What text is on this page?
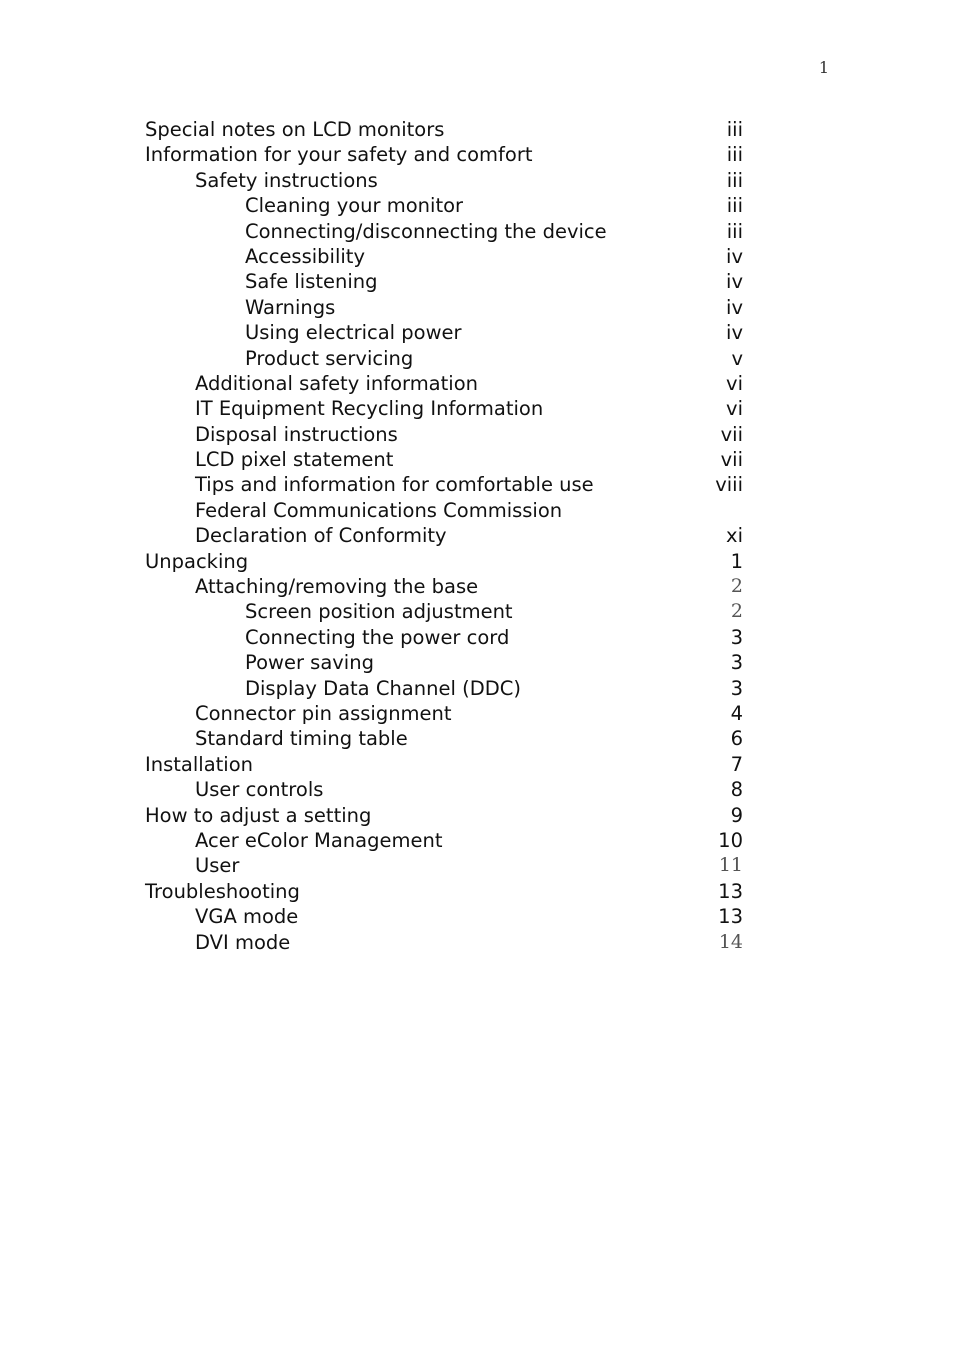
1
Special notes on LCD monitors	iii
Information for your safety and comfort	iii
Safety instructions	iii
Cleaning your monitor	iii
Connecting/disconnecting the device	iii
Accessibility	iv
Safe listening	iv
Warnings	iv
Using electrical power	iv
Product servicing	v
Additional safety information	vi
IT Equipment Recycling Information	vi
Disposal instructions	vii
LCD pixel statement	vii
Tips and information for comfortable use	viii
Federal Communications Commission
Declaration of Conformity	xi
Unpacking	1
Attaching/removing the base	2
Screen position adjustment	2
Connecting the power cord	3
Power saving	3
Display Data Channel (DDC)	3
Connector pin assignment	4
Standard timing table	6
Installation	7
User controls	8
How to adjust a setting	9
Acer eColor Management	10
User	11
Troubleshooting	13
VGA mode	13
DVI mode	14
